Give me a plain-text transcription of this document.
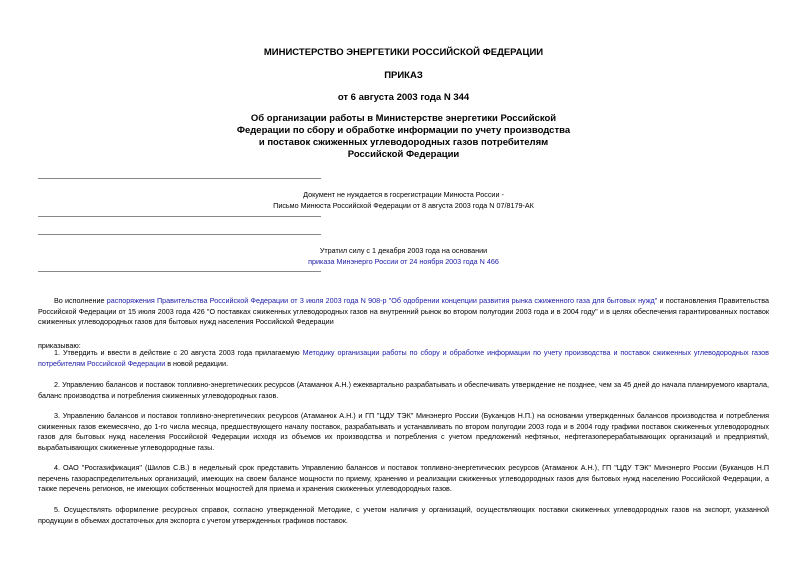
МИНИСТЕРСТВО ЭНЕРГЕТИКИ РОССИЙСКОЙ ФЕДЕРАЦИИ
ПРИКАЗ
от 6 августа 2003 года N 344
Об организации работы в Министерстве энергетики Российской
Федерации по сбору и обработке информации по учету производства
и поставок сжиженных углеводородных газов потребителям
Российской Федерации
Документ не нуждается в госрегистрации Минюста России -
Письмо Минюста Российской Федерации от 8 августа 2003 года N 07/8179-АК
Утратил силу с 1 декабря 2003 года на основании
приказа Минэнерго России от 24 ноября 2003 года N 466
Во исполнение распоряжения Правительства Российской Федерации от 3 июля 2003 года N 908-р "Об одобрении концепции развития рынка сжиженного газа для бытовых нужд" и постановления Правительства Российской Федерации от 15 июля 2003 года 426 "О поставках сжиженных углеводородных газов на внутренний рынок во втором полугодии 2003 года и в 2004 году" и в целях обеспечения гарантированных поставок сжиженных углеводородных газов для бытовых нужд населения Российской Федерации
приказываю:
1. Утвердить и ввести в действие с 20 августа 2003 года прилагаемую Методику организации работы по сбору и обработке информации по учету производства и поставок сжиженных углеводородных газов потребителям Российской Федерации в новой редакции.
2. Управлению балансов и поставок топливно-энергетических ресурсов (Атаманюк А.Н.) ежеквартально разрабатывать и обеспечивать утверждение не позднее, чем за 45 дней до начала планируемого квартала, баланс производства и потребления сжиженных углеводородных газов.
3. Управлению балансов и поставок топливно-энергетических ресурсов (Атаманюк А.Н.) и ГП "ЦДУ ТЭК" Минэнерго России (Буканцов Н.П.) на основании утвержденных балансов производства и потребления сжиженных газов ежемесячно, до 1-го числа месяца, предшествующего началу поставок, разрабатывать и устанавливать по втором полугодии 2003 года и в 2004 году графики поставок сжиженных углеводородных газов для бытовых нужд населения Российской Федерации исходя из объемов их производства и потребления с учетом предложений нефтяных, нефтегазоперерабатывающих организаций и предприятий, вырабатывающих сжиженные углеводородные газы.
4. ОАО "Росгазификация" (Шилов С.В.) в недельный срок представить Управлению балансов и поставок топливно-энергетических ресурсов (Атаманюк А.Н.), ГП "ЦДУ ТЭК" Минэнерго России (Буканцов Н.П перечень газораспределительных организаций, имеющих на своем балансе мощности по приему, хранению и реализации сжиженных углеводородных газов для бытовых нужд населению Российской Федерации, а также перечень регионов, не имеющих собственных мощностей для приема и хранения сжиженных углеводородных газов.
5. Осуществлять оформление ресурсных справок, согласно утвержденной Методике, с учетом наличия у организаций, осуществляющих поставки сжиженных углеводородных газов на экспорт, указанной продукции в объемах достаточных для экспорта с учетом утвержденных графиков поставок.
